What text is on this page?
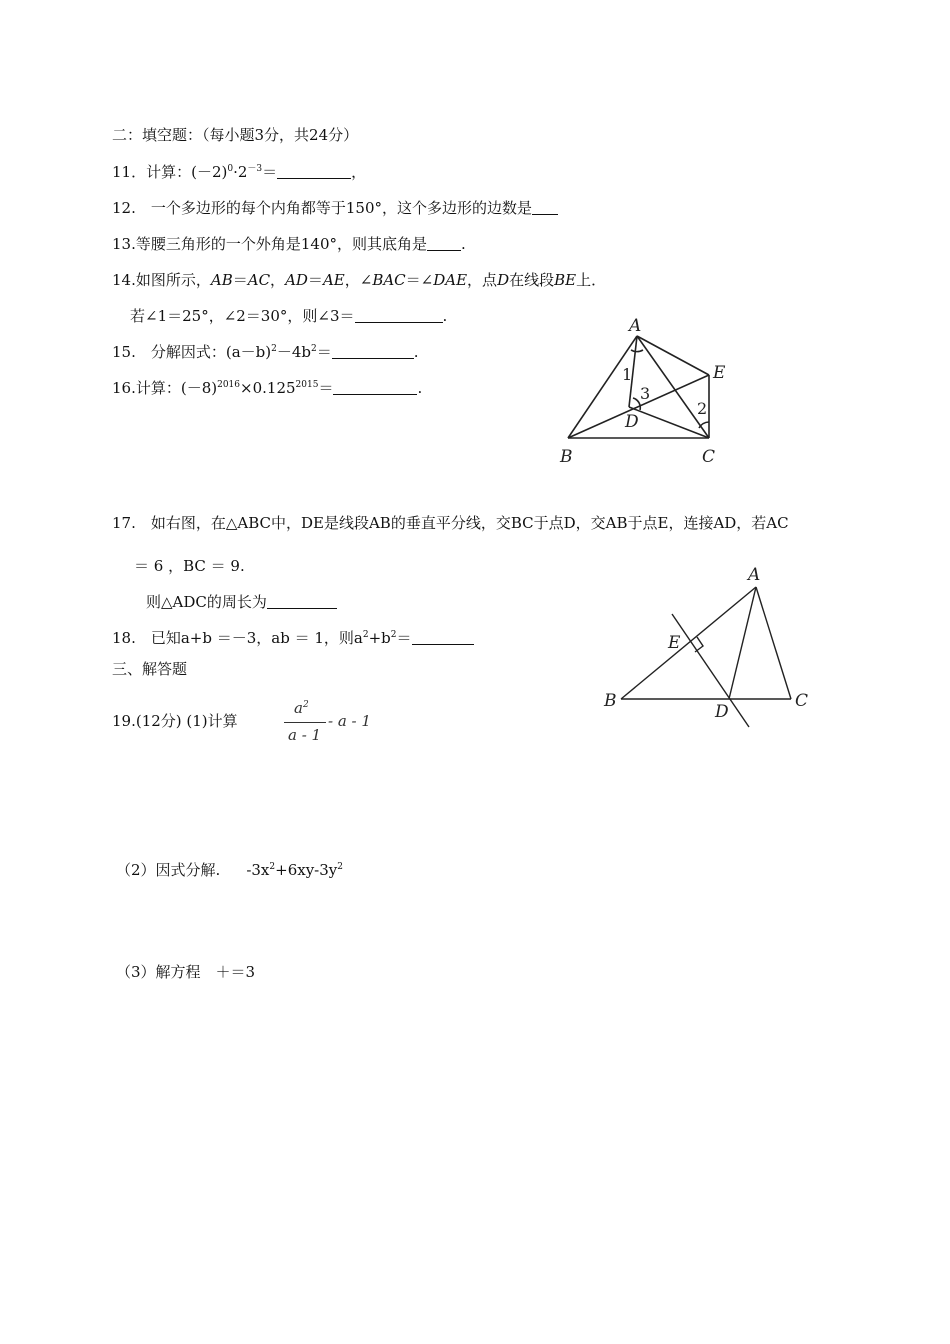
二：填空题：（每小题3分，共24分）
11．计算：$(-2)^0\cdot 2^{-3}=$	，
12.　一个多边形的每个内角都等于150°，这个多边形的边数是
13.等腰三角形的一个外角是140°，则其底角是 .
14.如图所示，AB＝AC，AD＝AE，∠BAC＝∠DAE，点D在线段BE上．
若∠1＝25°，∠2＝30°，则∠3＝	.
15.　分解因式：$(a-b)^2-4b^2=$	.
16.计算：$(-8)^{2016}\times 0.125^{2015}=$	.
A
B	C
D
E
1
2
3
17.　如右图，在△ABC中，DE是线段AB的垂直平分线，交BC于点D，交AB于点E，连接AD，若AC
＝ 6 ，BC ＝ 9.
则△ADC的周长为
18.　已知a+b ＝－3，ab ＝ 1，则$a^2+b^2=$
三、解答题
A
B	C
D
E
19.(12分) (1)计算
$a^2$
a - 1
- a - 1
（2）因式分解. $-3x^2+6xy-3y^2$
（3）解方程　＋＝3
